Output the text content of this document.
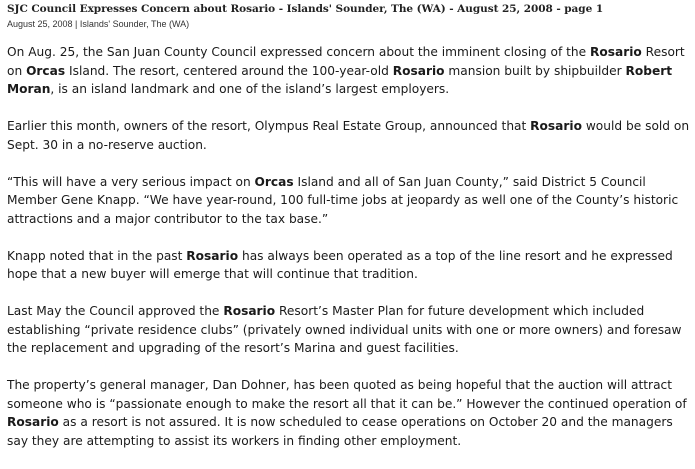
SJC Council Expresses Concern about Rosario - Islands' Sounder, The (WA) - August 25, 2008 - page 1
August 25, 2008 | Islands' Sounder, The (WA)

On Aug. 25, the San Juan County Council expressed concern about the imminent closing of the Rosario Resort on Orcas Island. The resort, centered around the 100-year-old Rosario mansion built by shipbuilder Robert Moran, is an island landmark and one of the island’s largest employers.

Earlier this month, owners of the resort, Olympus Real Estate Group, announced that Rosario would be sold on Sept. 30 in a no-reserve auction.

“This will have a very serious impact on Orcas Island and all of San Juan County,” said District 5 Council Member Gene Knapp. “We have year-round, 100 full-time jobs at jeopardy as well one of the County’s historic attractions and a major contributor to the tax base.”

Knapp noted that in the past Rosario has always been operated as a top of the line resort and he expressed hope that a new buyer will emerge that will continue that tradition.

Last May the Council approved the Rosario Resort’s Master Plan for future development which included establishing “private residence clubs” (privately owned individual units with one or more owners) and foresaw the replacement and upgrading of the resort’s Marina and guest facilities.

The property’s general manager, Dan Dohner, has been quoted as being hopeful that the auction will attract someone who is “passionate enough to make the resort all that it can be.” However the continued operation of Rosario as a resort is not assured. It is now scheduled to cease operations on October 20 and the managers say they are attempting to assist its workers in finding other employment.
